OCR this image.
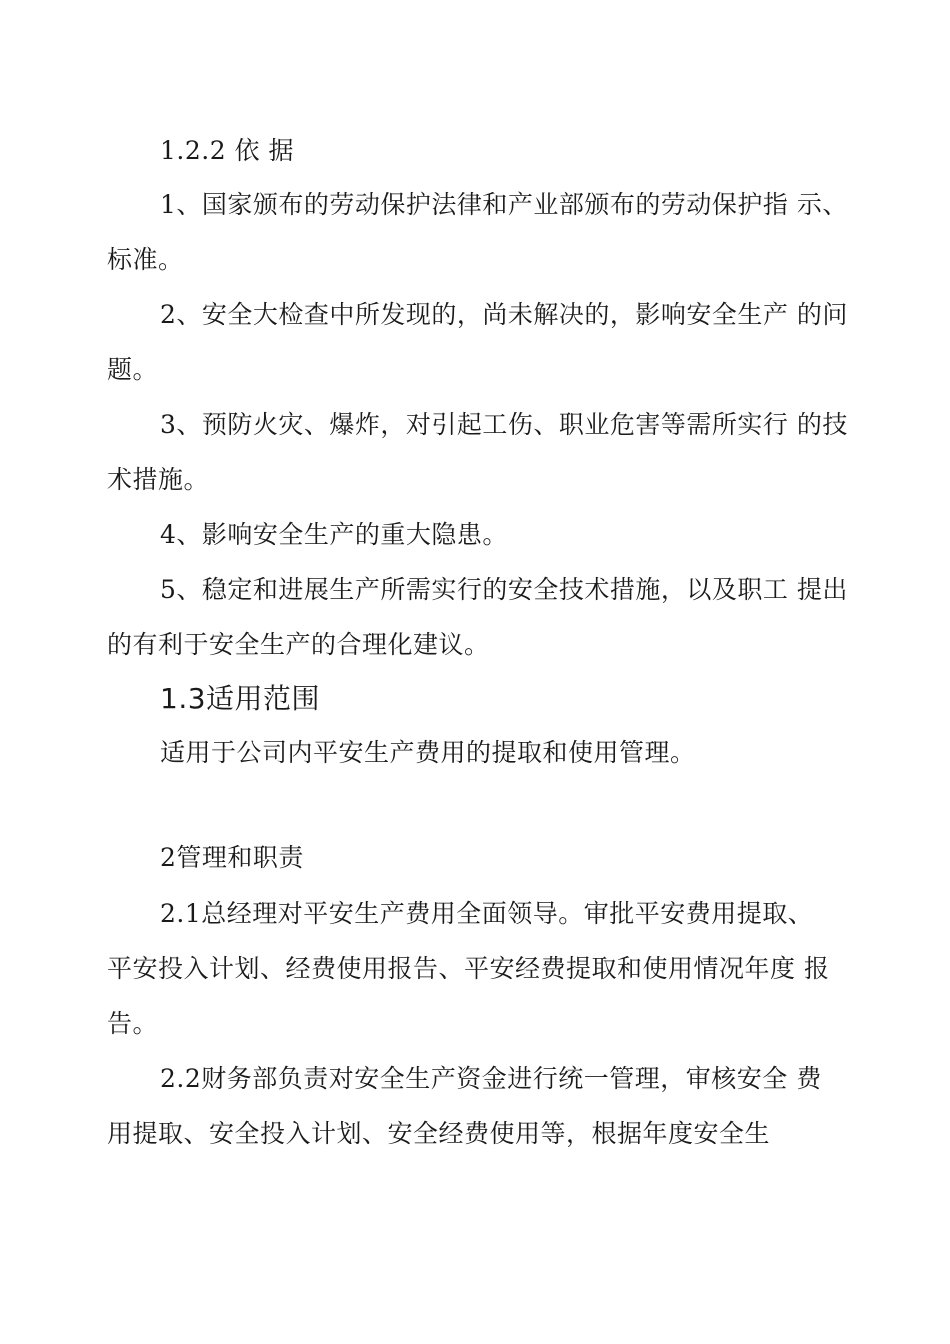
1.2.2 依 据
1、国家颁布的劳动保护法律和产业部颁布的劳动保护指 示、
标准。
2、安全大检查中所发现的，尚未解决的，影响安全生产 的问
题。
3、预防火灾、爆炸，对引起工伤、职业危害等需所实行 的技
术措施。
4、影响安全生产的重大隐患。
5、稳定和进展生产所需实行的安全技术措施，以及职工 提出
的有利于安全生产的合理化建议。
1.3适用范围
适用于公司内平安生产费用的提取和使用管理。
2管理和职责
2.1总经理对平安生产费用全面领导。审批平安费用提取、
平安投入计划、经费使用报告、平安经费提取和使用情况年度 报
告。
2.2财务部负责对安全生产资金进行统一管理，审核安全 费
用提取、安全投入计划、安全经费使用等，根据年度安全生
